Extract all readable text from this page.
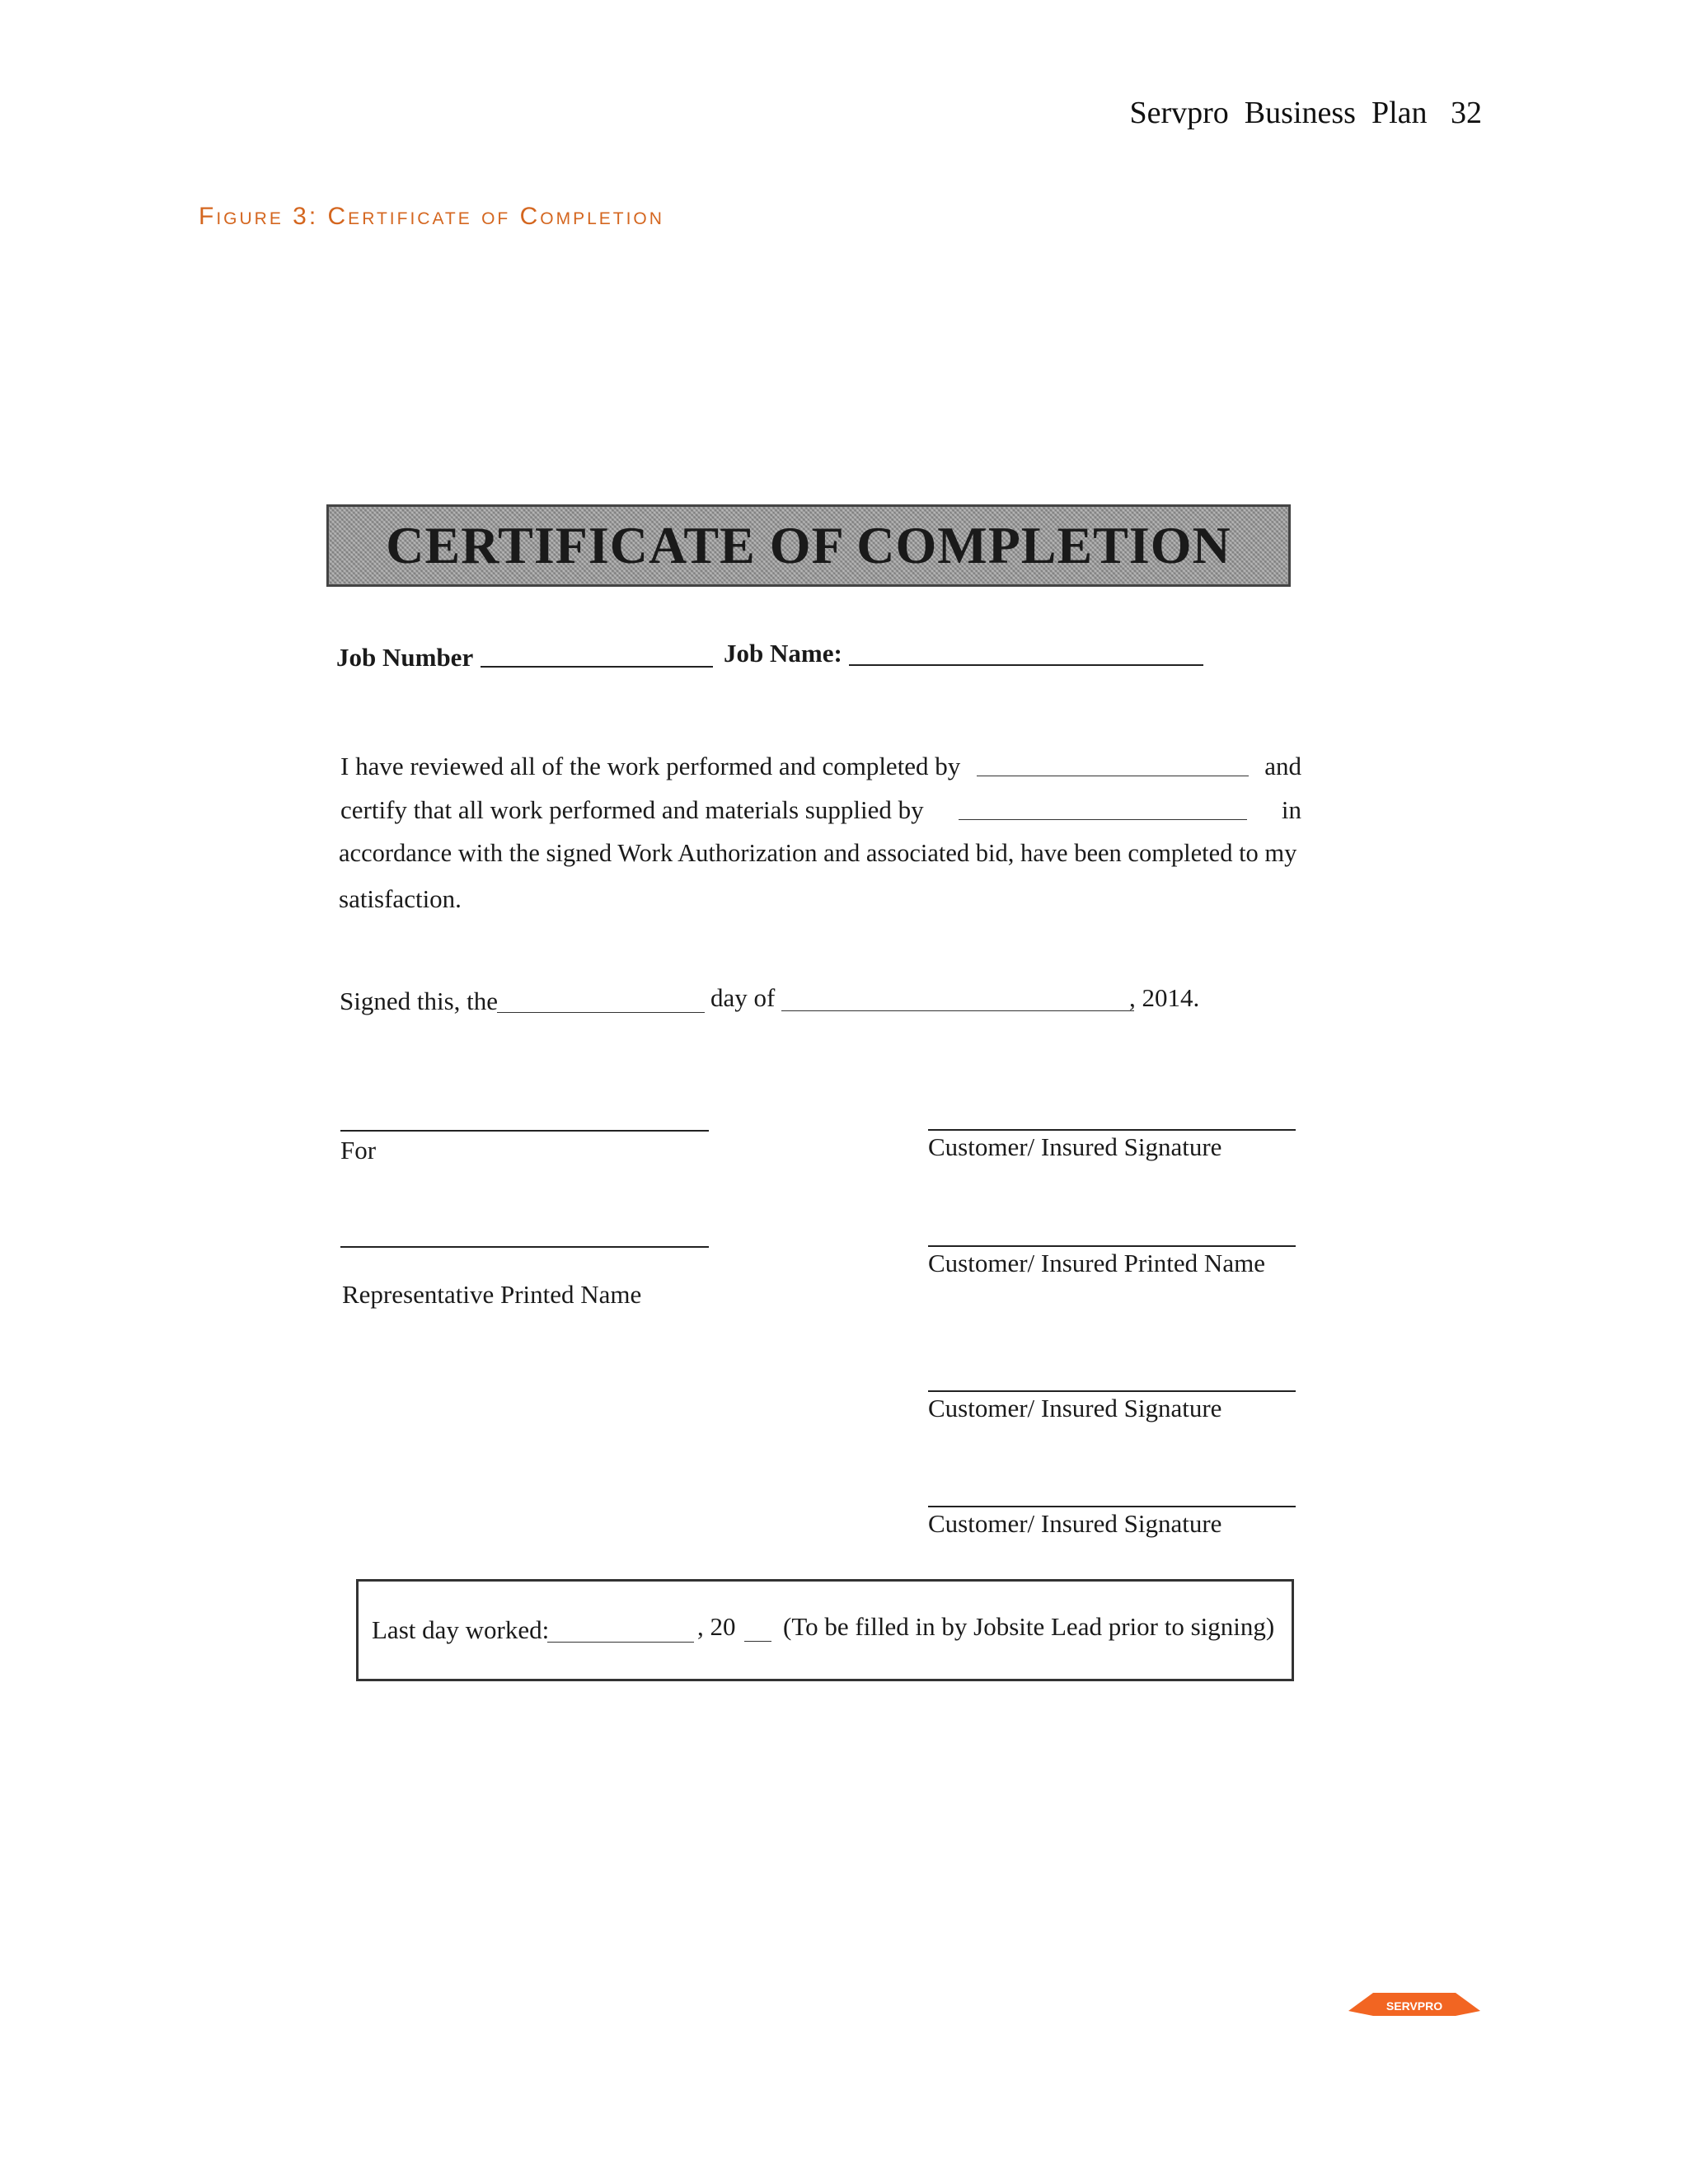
Servpro  Business  Plan   32
Figure 3: Certificate of Completion
CERTIFICATE OF COMPLETION
Job Number	Job Name:
I have reviewed all of the work performed and completed by	and
certify that all work performed and materials supplied by	in
accordance with the signed Work Authorization and associated bid, have been completed to my
satisfaction.
Signed this, the	day of	, 2014.
For
Representative Printed Name
Customer/ Insured Signature
Customer/ Insured Printed Name
Customer/ Insured Signature
Customer/ Insured Signature
Last day worked:	, 20 (To be filled in by Jobsite Lead prior to signing)
SERVPRO
